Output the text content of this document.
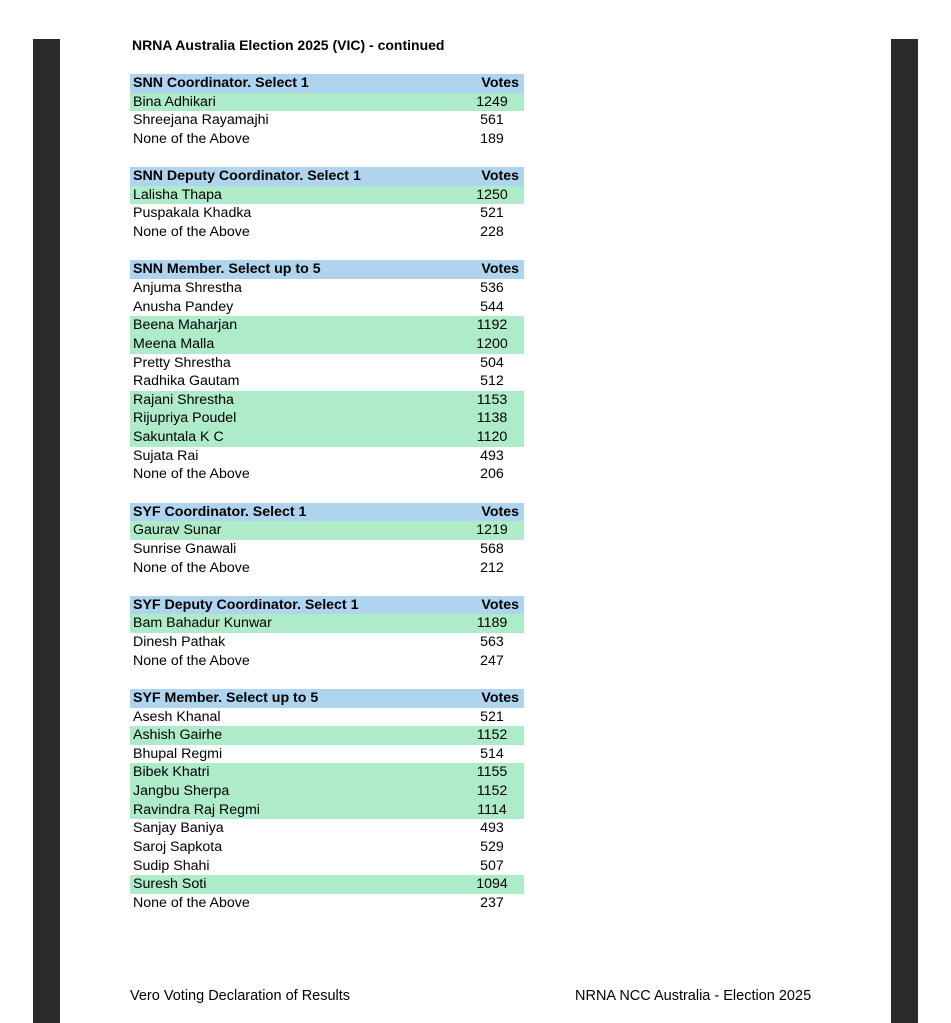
NRNA Australia Election 2025 (VIC) - continued
SNN Coordinator. Select 1	Votes
Bina Adhikari	1249
Shreejana Rayamajhi	561
None of the Above	189
SNN Deputy Coordinator. Select 1	Votes
Lalisha Thapa	1250
Puspakala Khadka	521
None of the Above	228
SNN Member. Select up to 5	Votes
Anjuma Shrestha	536
Anusha Pandey	544
Beena Maharjan	1192
Meena Malla	1200
Pretty Shrestha	504
Radhika Gautam	512
Rajani Shrestha	1153
Rijupriya Poudel	1138
Sakuntala K C	1120
Sujata Rai	493
None of the Above	206
SYF Coordinator. Select 1	Votes
Gaurav Sunar	1219
Sunrise Gnawali	568
None of the Above	212
SYF Deputy Coordinator. Select 1	Votes
Bam Bahadur Kunwar	1189
Dinesh Pathak	563
None of the Above	247
SYF Member. Select up to 5	Votes
Asesh Khanal	521
Ashish Gairhe	1152
Bhupal Regmi	514
Bibek Khatri	1155
Jangbu Sherpa	1152
Ravindra Raj Regmi	1114
Sanjay Baniya	493
Saroj Sapkota	529
Sudip Shahi	507
Suresh Soti	1094
None of the Above	237
Vero Voting Declaration of Results	NRNA NCC Australia - Election 2025
